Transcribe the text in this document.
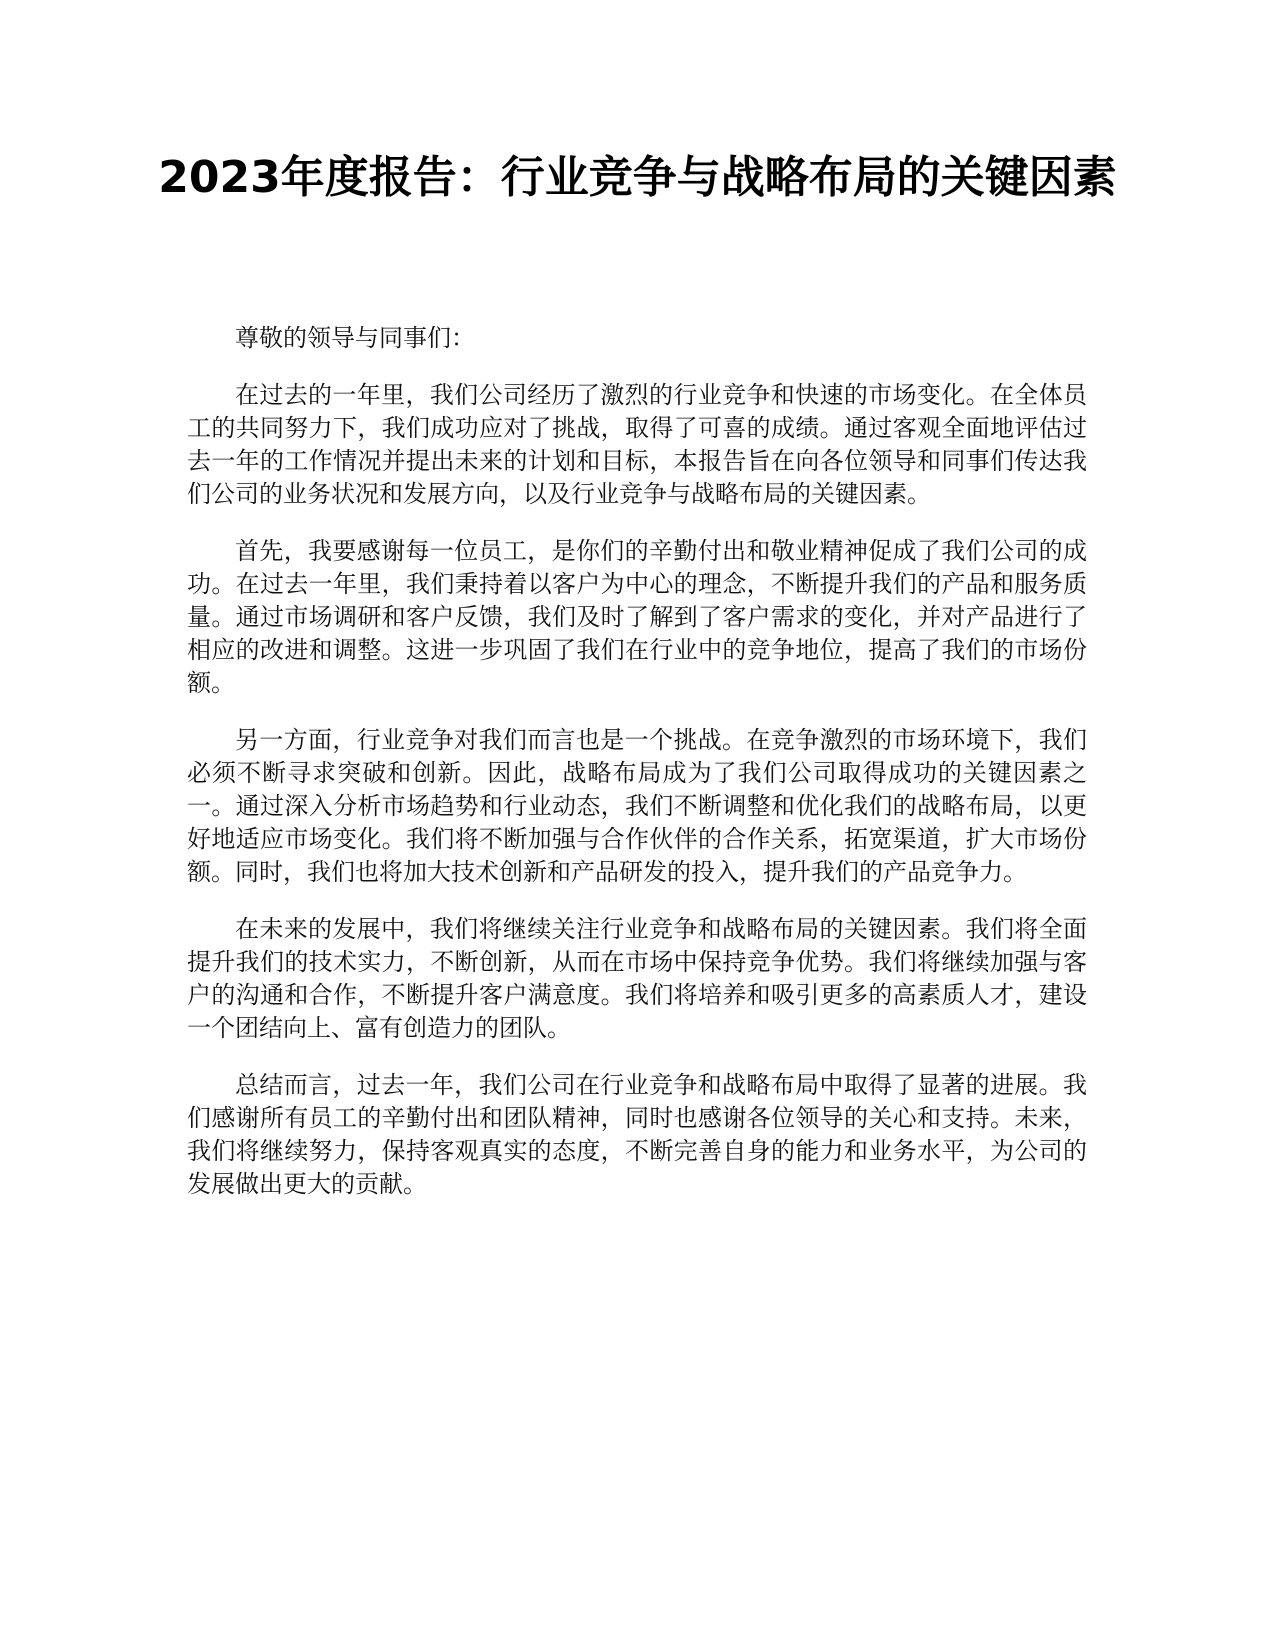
2023年度报告：行业竞争与战略布局的关键因素

尊敬的领导与同事们：

在过去的一年里，我们公司经历了激烈的行业竞争和快速的市场变化。在全体员工的共同努力下，我们成功应对了挑战，取得了可喜的成绩。通过客观全面地评估过去一年的工作情况并提出未来的计划和目标，本报告旨在向各位领导和同事们传达我们公司的业务状况和发展方向，以及行业竞争与战略布局的关键因素。

首先，我要感谢每一位员工，是你们的辛勤付出和敬业精神促成了我们公司的成功。在过去一年里，我们秉持着以客户为中心的理念，不断提升我们的产品和服务质量。通过市场调研和客户反馈，我们及时了解到了客户需求的变化，并对产品进行了相应的改进和调整。这进一步巩固了我们在行业中的竞争地位，提高了我们的市场份额。

另一方面，行业竞争对我们而言也是一个挑战。在竞争激烈的市场环境下，我们必须不断寻求突破和创新。因此，战略布局成为了我们公司取得成功的关键因素之一。通过深入分析市场趋势和行业动态，我们不断调整和优化我们的战略布局，以更好地适应市场变化。我们将不断加强与合作伙伴的合作关系，拓宽渠道，扩大市场份额。同时，我们也将加大技术创新和产品研发的投入，提升我们的产品竞争力。

在未来的发展中，我们将继续关注行业竞争和战略布局的关键因素。我们将全面提升我们的技术实力，不断创新，从而在市场中保持竞争优势。我们将继续加强与客户的沟通和合作，不断提升客户满意度。我们将培养和吸引更多的高素质人才，建设一个团结向上、富有创造力的团队。

总结而言，过去一年，我们公司在行业竞争和战略布局中取得了显著的进展。我们感谢所有员工的辛勤付出和团队精神，同时也感谢各位领导的关心和支持。未来，我们将继续努力，保持客观真实的态度，不断完善自身的能力和业务水平，为公司的发展做出更大的贡献。
